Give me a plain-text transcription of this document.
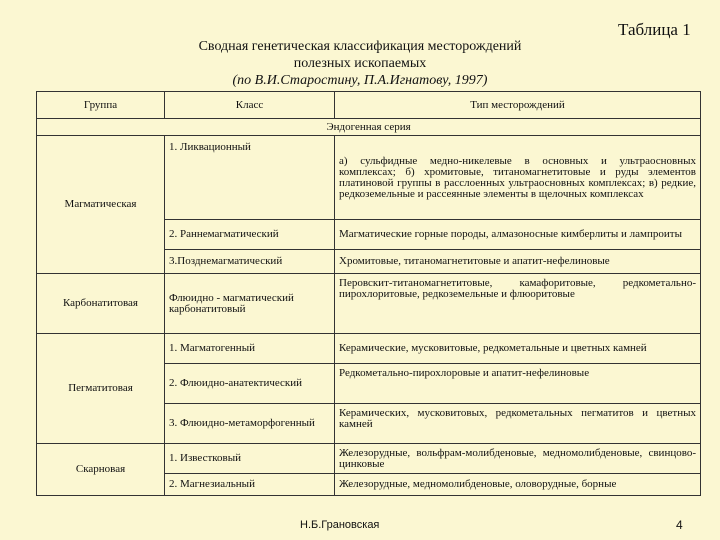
Таблица 1
Сводная генетическая классификация месторождений
полезных ископаемых
(по В.И.Старостину, П.А.Игнатову, 1997)
Группа	Класс	Тип месторождений
Эндогенная серия		
Магматическая	1. Ликвационный	а) сульфидные медно-никелевые в основных и ультраосновных комплексах; б) хромитовые, титаномагнетитовые и руды элементов платиновой группы в расслоенных ультраосновных комплексах; в) редкие, редкоземельные и рассеянные элементы в щелочных комплексах
	2. Раннемагматический	Магматические горные породы, алмазоносные кимберлиты и лампроиты
	3.Позднемагматический	Хромитовые, титаномагнетитовые и апатит-нефелиновые
Карбонатитовая	Флюидно - магматический карбонатитовый	Перовскит-титаномагнетитовые, камафоритовые, редкометально-пирохлоритовые, редкоземельные и флюоритовые
Пегматитовая	1. Магматогенный	Керамические, мусковитовые, редкометальные и цветных камней
	2. Флюидно-анатектический	Редкометально-пирохлоровые и апатит-нефелиновые
	3. Флюидно-метаморфогенный	Керамических, мусковитовых, редкометальных пегматитов и цветных камней
Скарновая	1. Известковый	Железорудные, вольфрам-молибденовые, медномолибденовые, свинцово-цинковые
	2. Магнезиальный	Железорудные, медномолибденовые, оловорудные, борные
Н.Б.Грановская	4
